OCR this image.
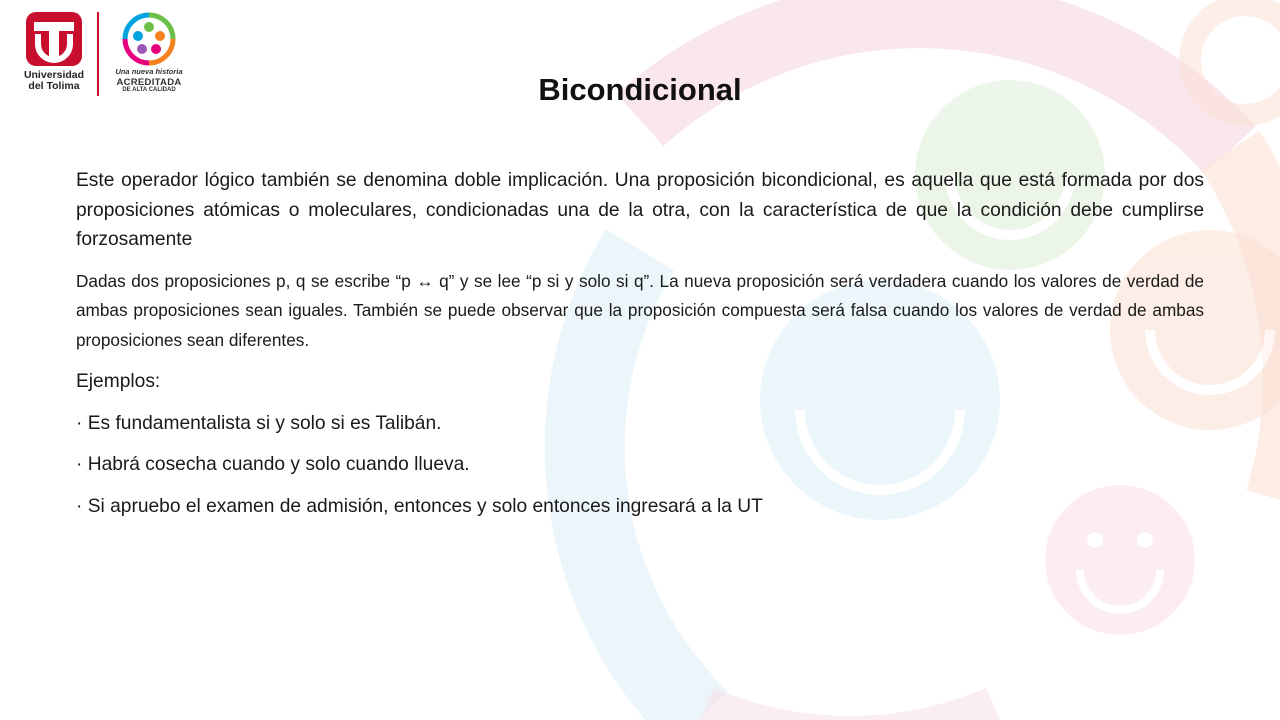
Universidad
del Tolima
Una nueva historia
ACREDITADA
DE ALTA CALIDAD	Bicondicional

Este operador lógico también se denomina doble implicación. Una proposición bicondicional, es aquella que está formada por dos proposiciones atómicas o moleculares, condicionadas una de la otra, con la característica de que la condición debe cumplirse forzosamente

Dadas dos proposiciones p, q se escribe “p ↔ q” y se lee “p si y solo si q”. La nueva proposición será verdadera cuando los valores de verdad de ambas proposiciones sean iguales. También se puede observar que la proposición compuesta será falsa cuando los valores de verdad de ambas proposiciones sean diferentes.

Ejemplos:

· Es fundamentalista si y solo si es Talibán.

· Habrá cosecha cuando y solo cuando llueva.

· Si apruebo el examen de admisión, entonces y solo entonces ingresará a la UT
